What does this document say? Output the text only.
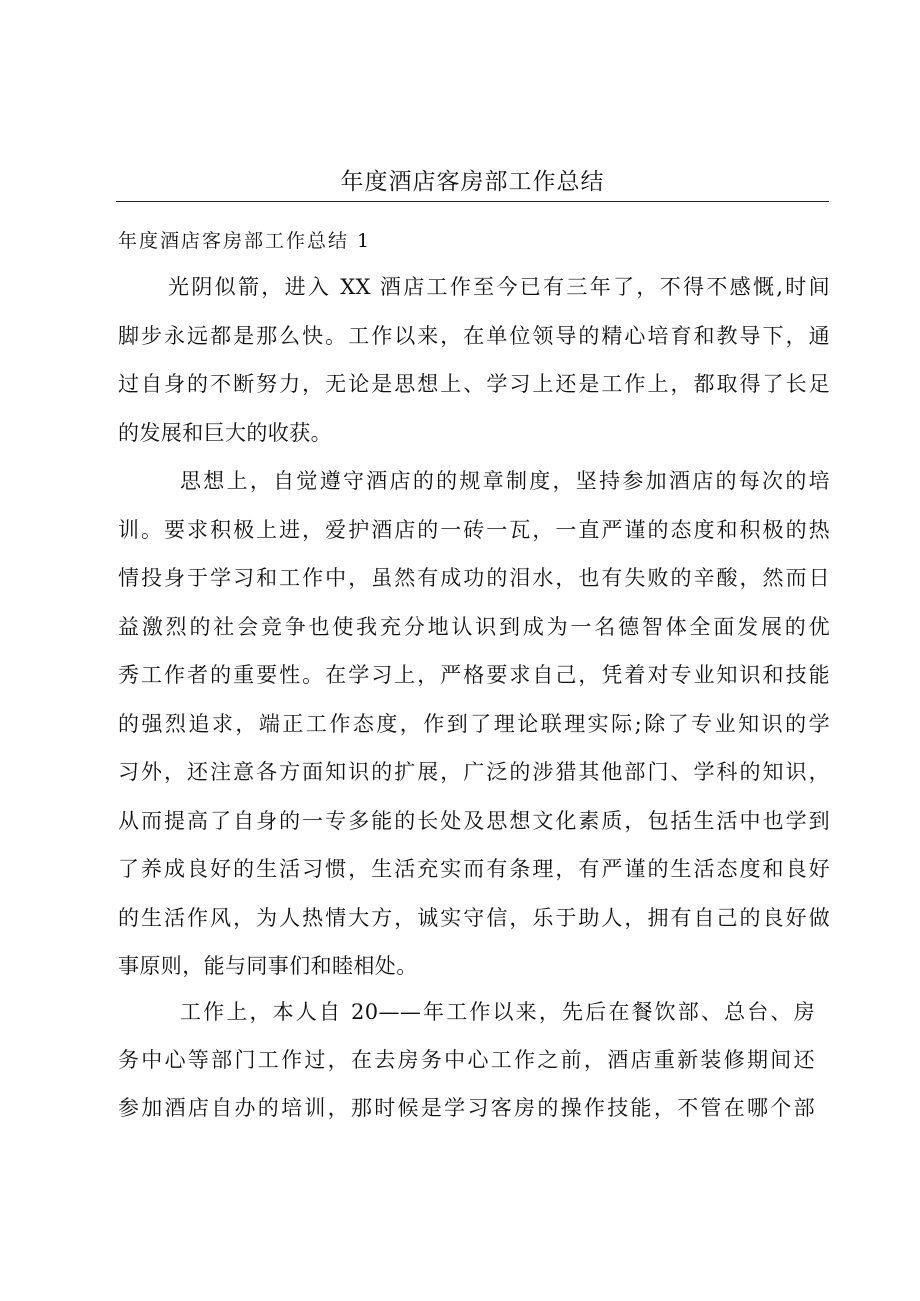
年度酒店客房部工作总结
年度酒店客房部工作总结 1
光阴似箭，进入 XX 酒店工作至今已有三年了，不得不感慨,时间
脚步永远都是那么快。工作以来，在单位领导的精心培育和教导下，通
过自身的不断努力，无论是思想上、学习上还是工作上，都取得了长足
的发展和巨大的收获。
思想上，自觉遵守酒店的的规章制度，坚持参加酒店的每次的培
训。要求积极上进，爱护酒店的一砖一瓦，一直严谨的态度和积极的热
情投身于学习和工作中，虽然有成功的泪水，也有失败的辛酸，然而日
益激烈的社会竞争也使我充分地认识到成为一名德智体全面发展的优
秀工作者的重要性。在学习上，严格要求自己，凭着对专业知识和技能
的强烈追求，端正工作态度，作到了理论联理实际;除了专业知识的学
习外，还注意各方面知识的扩展，广泛的涉猎其他部门、学科的知识，
从而提高了自身的一专多能的长处及思想文化素质，包括生活中也学到
了养成良好的生活习惯，生活充实而有条理，有严谨的生活态度和良好
的生活作风，为人热情大方，诚实守信，乐于助人，拥有自己的良好做
事原则，能与同事们和睦相处。
工作上，本人自 20——年工作以来，先后在餐饮部、总台、房
务中心等部门工作过，在去房务中心工作之前，酒店重新装修期间还
参加酒店自办的培训，那时候是学习客房的操作技能，不管在哪个部
